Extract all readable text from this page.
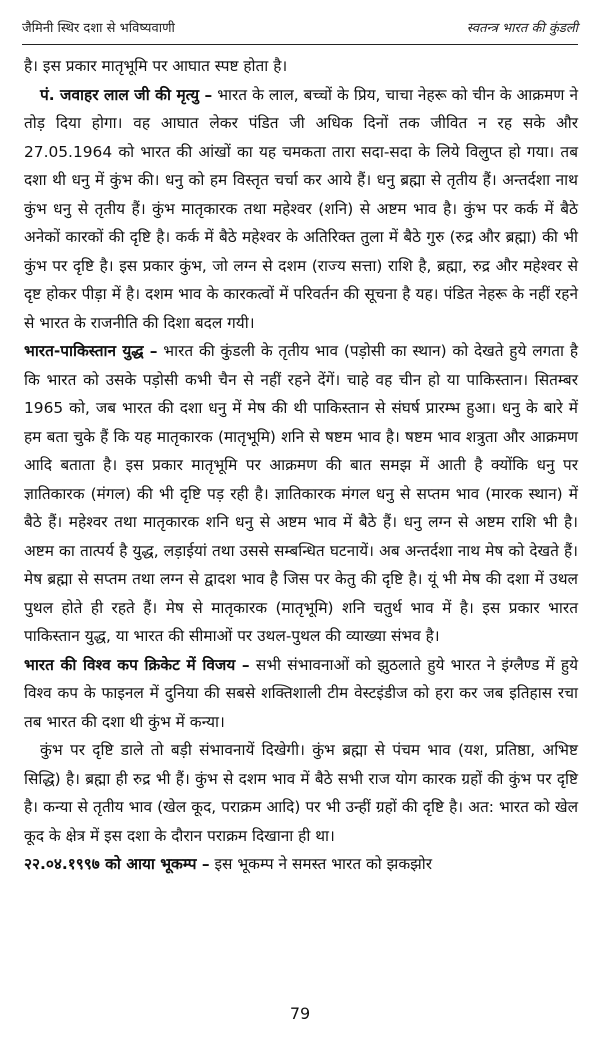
जैमिनी स्थिर दशा से भविष्यवाणी	स्वतन्त्र भारत की कुंडली

है। इस प्रकार मातृभूमि पर आघात स्पष्ट होता है।

पं. जवाहर लाल जी की मृत्यु – भारत के लाल, बच्चों के प्रिय, चाचा नेहरू को चीन के आक्रमण ने तोड़ दिया होगा। वह आघात लेकर पंडित जी अधिक दिनों तक जीवित न रह सके और 27.05.1964 को भारत की आंखों का यह चमकता तारा सदा-सदा के लिये विलुप्त हो गया। तब दशा थी धनु में कुंभ की। धनु को हम विस्तृत चर्चा कर आये हैं। धनु ब्रह्मा से तृतीय हैं। अन्तर्दशा नाथ कुंभ धनु से तृतीय हैं। कुंभ मातृकारक तथा महेश्वर (शनि) से अष्टम भाव है। कुंभ पर कर्क में बैठे अनेकों कारकों की दृष्टि है। कर्क में बैठे महेश्वर के अतिरिक्त तुला में बैठे गुरु (रुद्र और ब्रह्मा) की भी कुंभ पर दृष्टि है। इस प्रकार कुंभ, जो लग्न से दशम (राज्य सत्ता) राशि है, ब्रह्मा, रुद्र और महेश्वर से दृष्ट होकर पीड़ा में है। दशम भाव के कारकत्वों में परिवर्तन की सूचना है यह। पंडित नेहरू के नहीं रहने से भारत के राजनीति की दिशा बदल गयी।

भारत-पाकिस्तान युद्ध – भारत की कुंडली के तृतीय भाव (पड़ोसी का स्थान) को देखते हुये लगता है कि भारत को उसके पड़ोसी कभी चैन से नहीं रहने देंगें। चाहे वह चीन हो या पाकिस्तान। सितम्बर 1965 को, जब भारत की दशा धनु में मेष की थी पाकिस्तान से संघर्ष प्रारम्भ हुआ। धनु के बारे में हम बता चुके हैं कि यह मातृकारक (मातृभूमि) शनि से षष्टम भाव है। षष्टम भाव शत्रुता और आक्रमण आदि बताता है। इस प्रकार मातृभूमि पर आक्रमण की बात समझ में आती है क्योंकि धनु पर ज्ञातिकारक (मंगल) की भी दृष्टि पड़ रही है। ज्ञातिकारक मंगल धनु से सप्तम भाव (मारक स्थान) में बैठे हैं। महेश्वर तथा मातृकारक शनि धनु से अष्टम भाव में बैठे हैं। धनु लग्न से अष्टम राशि भी है। अष्टम का तात्पर्य है युद्ध, लड़ाईयां तथा उससे सम्बन्धित घटनायें। अब अन्तर्दशा नाथ मेष को देखते हैं। मेष ब्रह्मा से सप्तम तथा लग्न से द्वादश भाव है जिस पर केतु की दृष्टि है। यूं भी मेष की दशा में उथल पुथल होते ही रहते हैं। मेष से मातृकारक (मातृभूमि) शनि चतुर्थ भाव में है। इस प्रकार भारत पाकिस्तान युद्ध, या भारत की सीमाओं पर उथल-पुथल की व्याख्या संभव है।

भारत की विश्व कप क्रिकेट में विजय – सभी संभावनाओं को झुठलाते हुये भारत ने इंग्लैण्ड में हुये विश्व कप के फाइनल में दुनिया की सबसे शक्तिशाली टीम वेस्टइंडीज को हरा कर जब इतिहास रचा तब भारत की दशा थी कुंभ में कन्या।

कुंभ पर दृष्टि डाले तो बड़ी संभावनायें दिखेगी। कुंभ ब्रह्मा से पंचम भाव (यश, प्रतिष्ठा, अभिष्ट सिद्धि) है। ब्रह्मा ही रुद्र भी हैं। कुंभ से दशम भाव में बैठे सभी राज योग कारक ग्रहों की कुंभ पर दृष्टि है। कन्या से तृतीय भाव (खेल कूद, पराक्रम आदि) पर भी उन्हीं ग्रहों की दृष्टि है। अत: भारत को खेल कूद के क्षेत्र में इस दशा के दौरान पराक्रम दिखाना ही था।

२२.०४.१९९७ को आया भूकम्प – इस भूकम्प ने समस्त भारत को झकझोर

79
